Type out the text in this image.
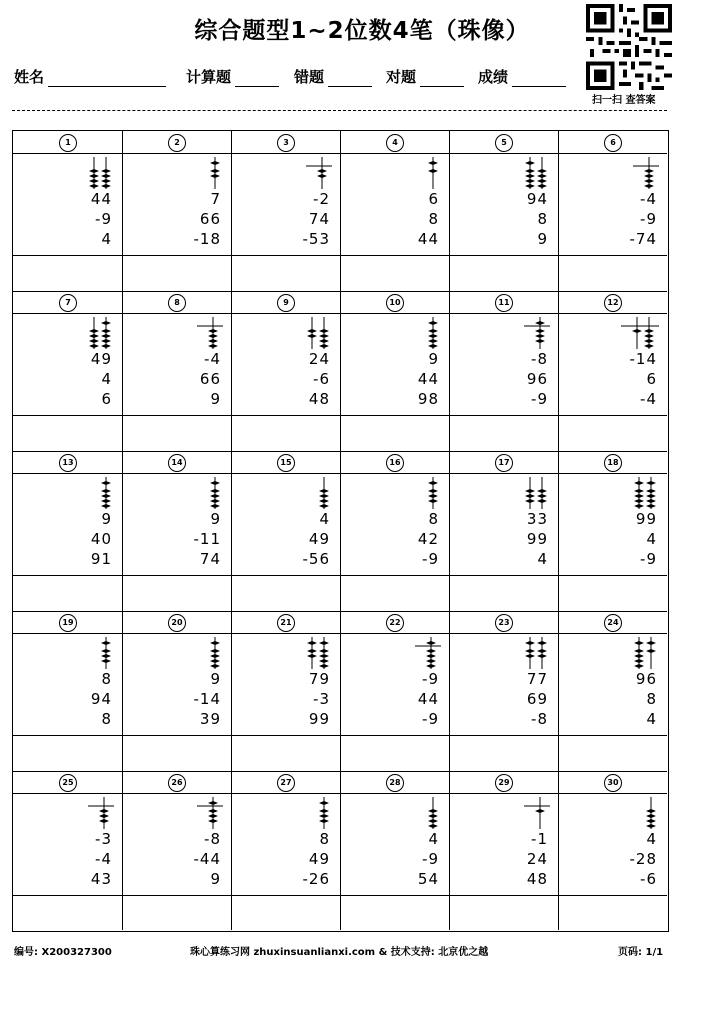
综合题型1~2位数4笔（珠像）
扫一扫 查答案
姓名	计算题	错题	对题	成绩
1
44
-9
4
2
7
66
-18
3
-2
74
-53
4
6
8
44
5
94
8
9
6
-4
-9
-74
7
49
4
6
8
-4
66
9
9
24
-6
48
10
9
44
98
11
-8
96
-9
12
-14
6
-4
13
9
40
91
14
9
-11
74
15
4
49
-56
16
8
42
-9
17
33
99
4
18
99
4
-9
19
8
94
8
20
9
-14
39
21
79
-3
99
22
-9
44
-9
23
77
69
-8
24
96
8
4
25
-3
-4
43
26
-8
-44
9
27
8
49
-26
28
4
-9
54
29
-1
24
48
30
4
-28
-6
编号: X200327300	珠心算练习网 zhuxinsuanlianxi.com & 技术支持: 北京优之越	页码: 1/1
